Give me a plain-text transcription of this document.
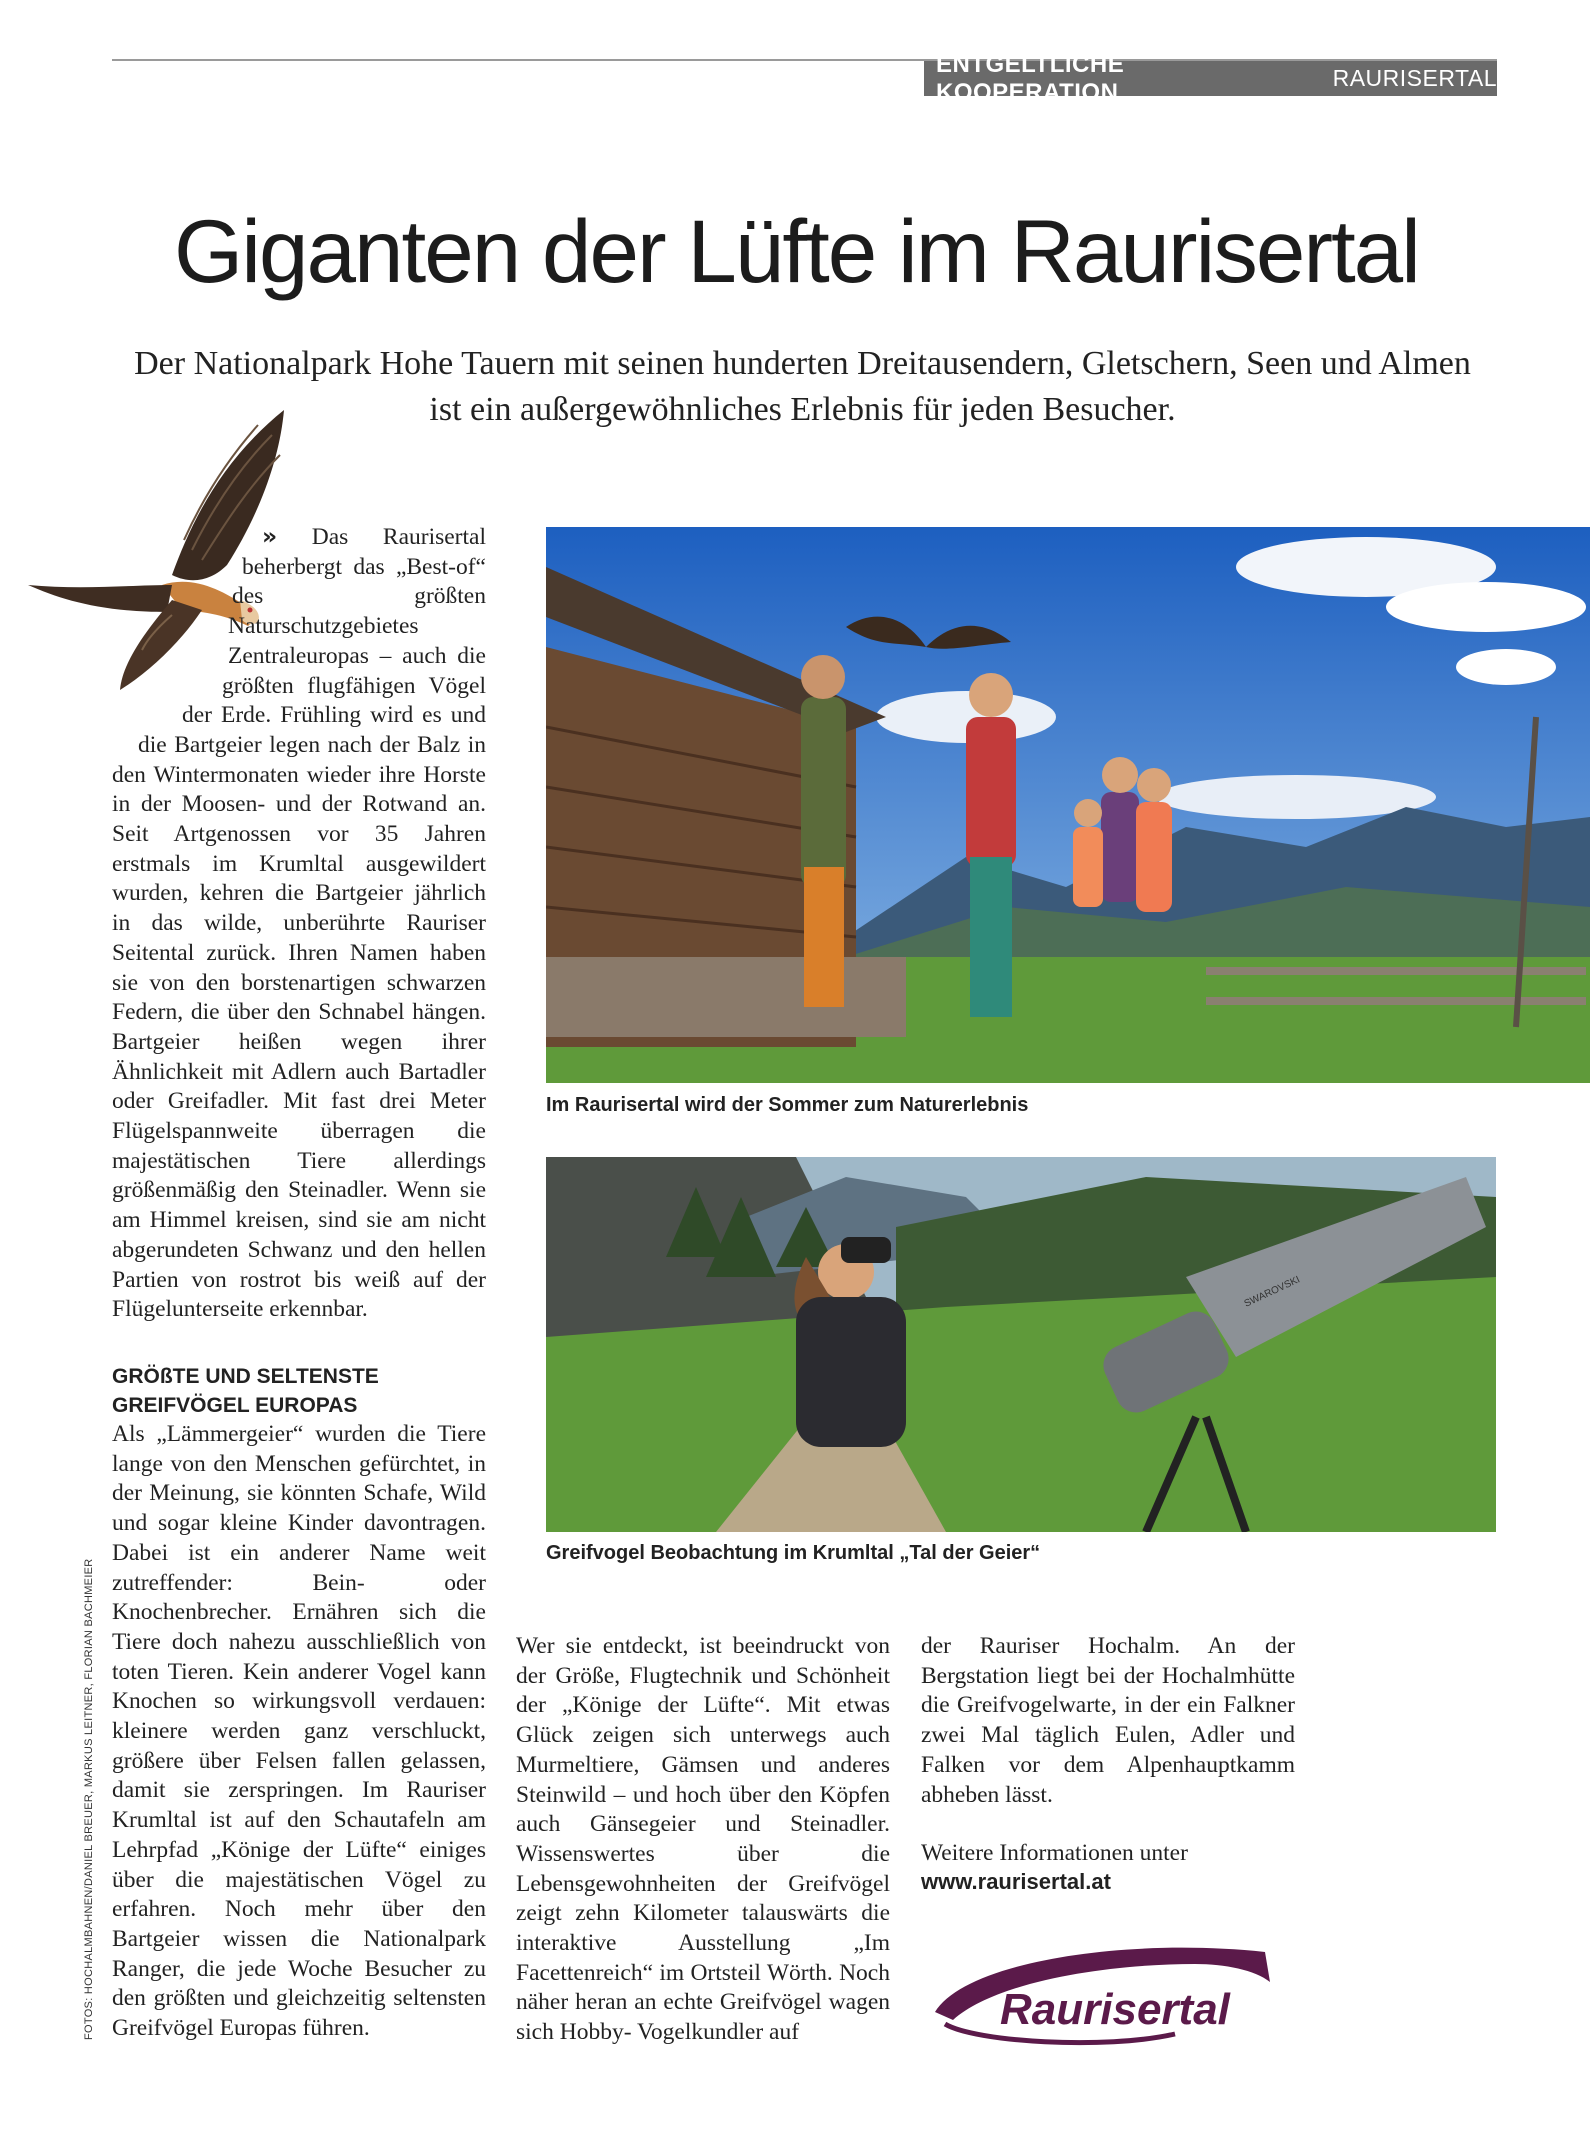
ENTGELTLICHE KOOPERATION
RAURISERTAL
Giganten der Lüfte im Raurisertal

Der Nationalpark Hohe Tauern mit seinen hunderten Dreitausendern, Gletschern, Seen und Almen ist ein außergewöhnliches Erlebnis für jeden Besucher.

» Das Raurisertal beherbergt das „Best-of“ des größten Naturschutzgebietes Zentraleuropas – auch die größten flugfähigen Vögel der Erde. Frühling wird es und die Bartgeier legen nach der Balz in den Wintermonaten wieder ihre Horste in der Moosen- und der Rotwand an. Seit Artgenossen vor 35 Jahren erstmals im Krumltal ausgewildert wurden, kehren die Bartgeier jährlich in das wilde, unberührte Rauriser Seitental zurück. Ihren Namen haben sie von den borstenartigen schwarzen Federn, die über den Schnabel hängen. Bartgeier heißen wegen ihrer Ähnlichkeit mit Adlern auch Bartadler oder Greifadler. Mit fast drei Meter Flügelspannweite überragen die majestätischen Tiere allerdings größenmäßig den Steinadler. Wenn sie am Himmel kreisen, sind sie am nicht abgerundeten Schwanz und den hellen Partien von rostrot bis weiß auf der Flügelunterseite erkennbar.

GRÖßTE UND SELTENSTE GREIFVÖGEL EUROPAS

Als „Lämmergeier“ wurden die Tiere lange von den Menschen gefürchtet, in der Meinung, sie könnten Schafe, Wild und sogar kleine Kinder davontragen. Dabei ist ein anderer Name weit zutreffender: Bein- oder Knochenbrecher. Ernähren sich die Tiere doch nahezu ausschließlich von toten Tieren. Kein anderer Vogel kann Knochen so wirkungsvoll verdauen: kleinere werden ganz verschluckt, größere über Felsen fallen gelassen, damit sie zerspringen. Im Rauriser Krumltal ist auf den Schautafeln am Lehrpfad „Könige der Lüfte“ einiges über die majestätischen Vögel zu erfahren. Noch mehr über den Bartgeier wissen die Nationalpark Ranger, die jede Woche Besucher zu den größten und gleichzeitig seltensten Greifvögel Europas führen.

Im Raurisertal wird der Sommer zum Naturerlebnis
SWAROVSKI
Greifvogel Beobachtung im Krumltal „Tal der Geier“
FOTOS: HOCHALMBAHNEN/DANIEL BREUER, MARKUS LEITNER, FLORIAN BACHMEIER	Wer sie entdeckt, ist beeindruckt von der Größe, Flugtechnik und Schönheit der „Könige der Lüfte“. Mit etwas Glück zeigen sich unterwegs auch Murmeltiere, Gämsen und anderes Steinwild – und hoch über den Köpfen auch Gänsegeier und Steinadler. Wissenswertes über die Lebensgewohnheiten der Greifvögel zeigt zehn Kilometer talauswärts die interaktive Ausstellung „Im Facettenreich“ im Ortsteil Wörth. Noch näher heran an echte Greifvögel wagen sich Hobby- Vogelkundler auf

der Rauriser Hochalm. An der Bergstation liegt bei der Hochalmhütte die Greifvogelwarte, in der ein Falkner zwei Mal täglich Eulen, Adler und Falken vor dem Alpenhauptkamm abheben lässt.

Weitere Informationen unter

www.raurisertal.at
Raurisertal
